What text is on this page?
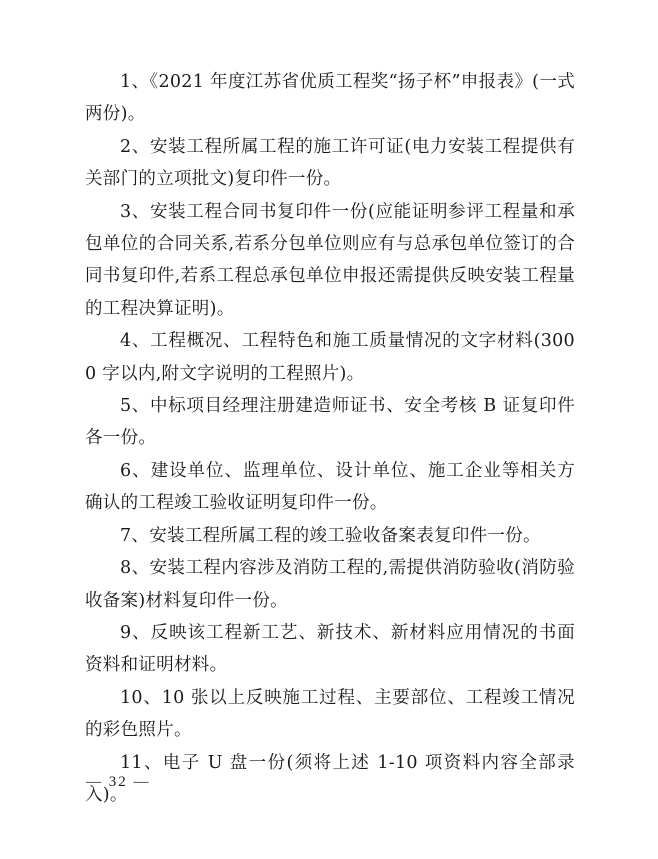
1、《2021 年度江苏省优质工程奖“扬子杯”申报表》(一式两份)。

2、安装工程所属工程的施工许可证(电力安装工程提供有关部门的立项批文)复印件一份。

3、安装工程合同书复印件一份(应能证明参评工程量和承包单位的合同关系,若系分包单位则应有与总承包单位签订的合同书复印件,若系工程总承包单位申报还需提供反映安装工程量的工程决算证明)。

4、工程概况、工程特色和施工质量情况的文字材料(3000 字以内,附文字说明的工程照片)。

5、中标项目经理注册建造师证书、安全考核 B 证复印件各一份。

6、建设单位、监理单位、设计单位、施工企业等相关方确认的工程竣工验收证明复印件一份。

7、安装工程所属工程的竣工验收备案表复印件一份。

8、安装工程内容涉及消防工程的,需提供消防验收(消防验收备案)材料复印件一份。

9、反映该工程新工艺、新技术、新材料应用情况的书面资料和证明材料。

10、10 张以上反映施工过程、主要部位、工程竣工情况的彩色照片。

11、电子 U 盘一份(须将上述 1-10 项资料内容全部录入)。

— 32 —
